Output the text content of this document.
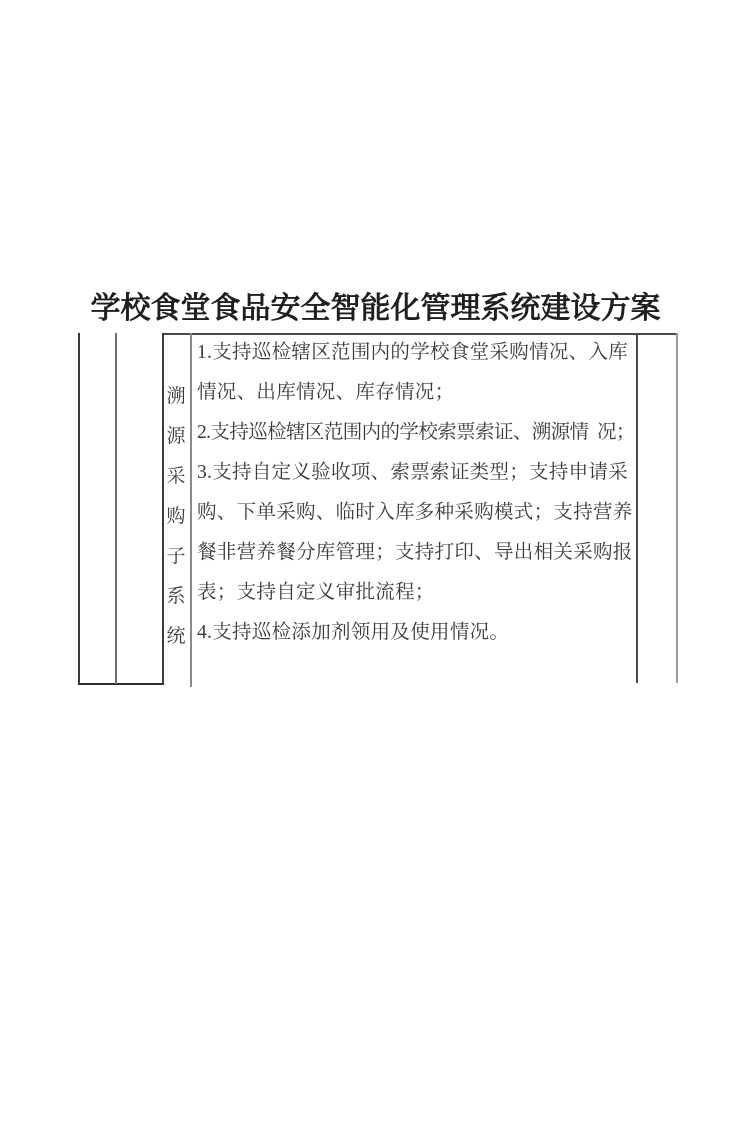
学校食堂食品安全智能化管理系统建设方案
溯源采购子系统
1.支持巡检辖区范围内的学校食堂采购情况、入库
情况、出库情况、库存情况；
2.支持巡检辖区范围内的学校索票索证、溯源情  况；
3.支持自定义验收项、索票索证类型；支持申请采
购、下单采购、临时入库多种采购模式；支持营养
餐非营养餐分库管理；支持打印、导出相关采购报
表；支持自定义审批流程；
4.支持巡检添加剂领用及使用情况。
